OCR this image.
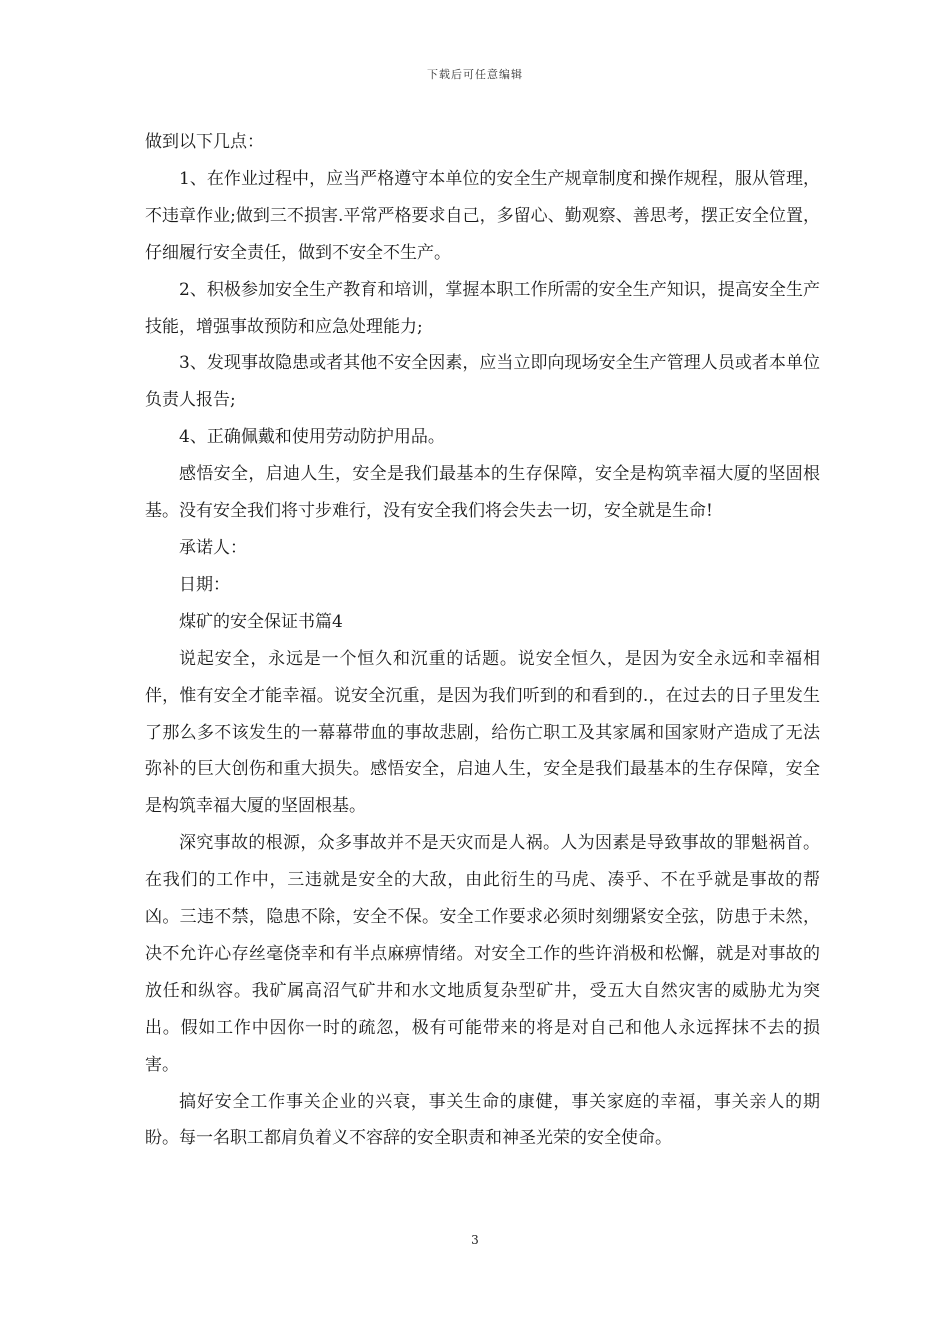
下载后可任意编辑

做到以下几点：

1、在作业过程中，应当严格遵守本单位的安全生产规章制度和操作规程，服从管理，不违章作业;做到三不损害.平常严格要求自己，多留心、勤观察、善思考，摆正安全位置，仔细履行安全责任，做到不安全不生产。

2、积极参加安全生产教育和培训，掌握本职工作所需的安全生产知识，提高安全生产技能，增强事故预防和应急处理能力;

3、发现事故隐患或者其他不安全因素，应当立即向现场安全生产管理人员或者本单位负责人报告;

4、正确佩戴和使用劳动防护用品。

感悟安全，启迪人生，安全是我们最基本的生存保障，安全是构筑幸福大厦的坚固根基。没有安全我们将寸步难行，没有安全我们将会失去一切，安全就是生命!

承诺人：

日期：

煤矿的安全保证书篇4

说起安全，永远是一个恒久和沉重的话题。说安全恒久，是因为安全永远和幸福相伴，惟有安全才能幸福。说安全沉重，是因为我们听到的和看到的.，在过去的日子里发生了那么多不该发生的一幕幕带血的事故悲剧，给伤亡职工及其家属和国家财产造成了无法弥补的巨大创伤和重大损失。感悟安全，启迪人生，安全是我们最基本的生存保障，安全是构筑幸福大厦的坚固根基。

深究事故的根源，众多事故并不是天灾而是人祸。人为因素是导致事故的罪魁祸首。在我们的工作中，三违就是安全的大敌，由此衍生的马虎、凑乎、不在乎就是事故的帮凶。三违不禁，隐患不除，安全不保。安全工作要求必须时刻绷紧安全弦，防患于未然，决不允许心存丝毫侥幸和有半点麻痹情绪。对安全工作的些许消极和松懈，就是对事故的放任和纵容。我矿属高沼气矿井和水文地质复杂型矿井，受五大自然灾害的威胁尤为突出。假如工作中因你一时的疏忽，极有可能带来的将是对自己和他人永远挥抹不去的损害。

搞好安全工作事关企业的兴衰，事关生命的康健，事关家庭的幸福，事关亲人的期盼。每一名职工都肩负着义不容辞的安全职责和神圣光荣的安全使命。

3
